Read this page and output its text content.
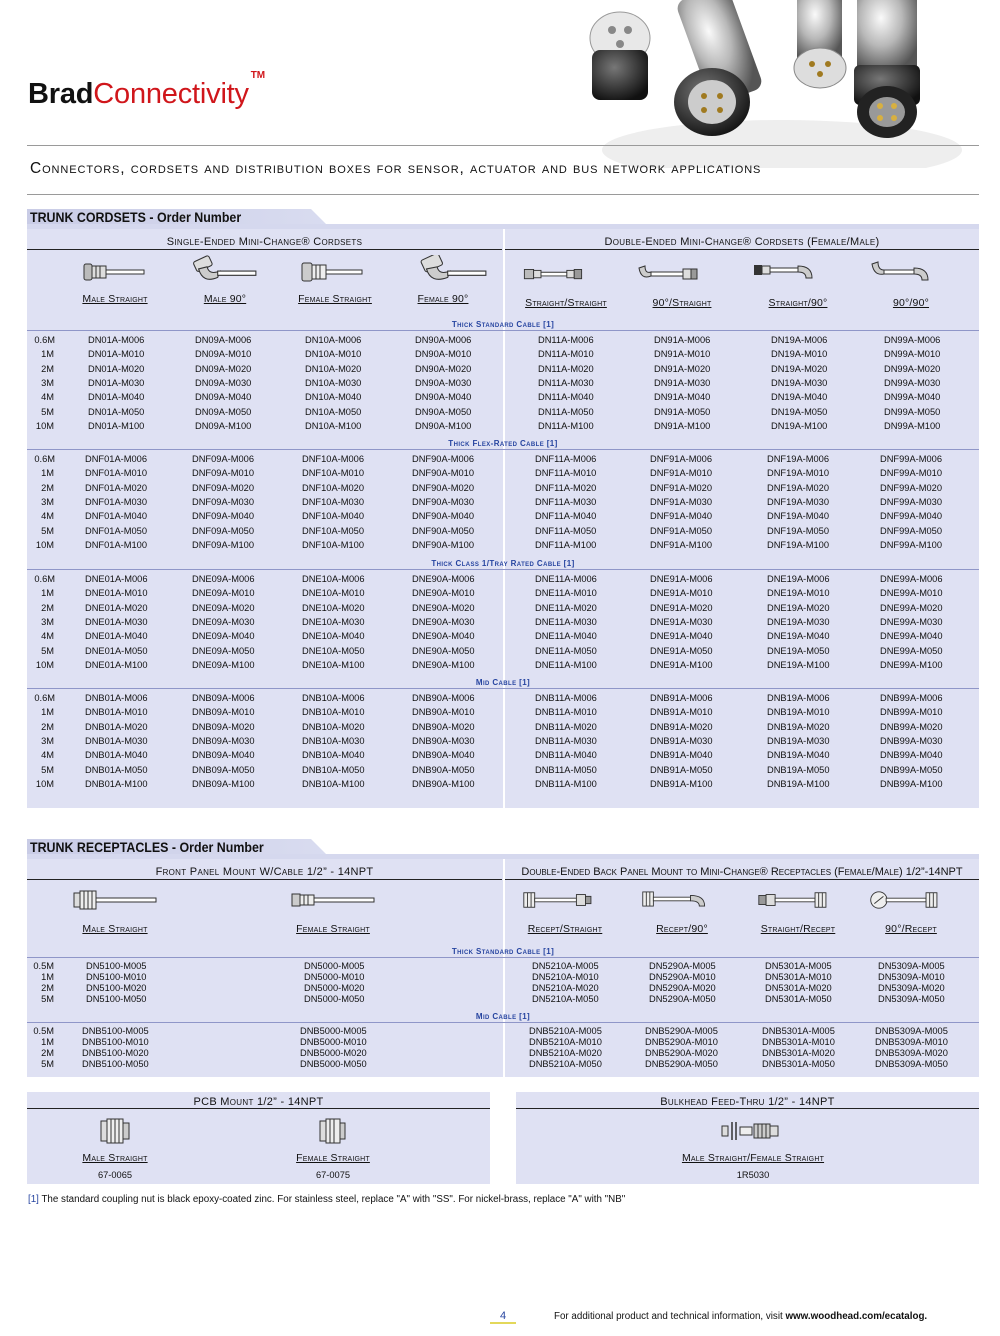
BradConnectivity
TM
Connectors, cordsets and distribution boxes for sensor, actuator and bus network applications
TRUNK CORDSETS - Order Number
Single-Ended Mini-Change® Cordsets	Double-Ended Mini-Change® Cordsets (Female/Male)
Male Straight	Male 90°	Female Straight	Female 90°	Straight/Straight	90°/Straight	Straight/90°	90°/90°
Thick Standard Cable [1]
0.6M	DN01A-M006	DN09A-M006	DN10A-M006	DN90A-M006	DN11A-M006	DN91A-M006	DN19A-M006	DN99A-M006
1M	DN01A-M010	DN09A-M010	DN10A-M010	DN90A-M010	DN11A-M010	DN91A-M010	DN19A-M010	DN99A-M010
2M	DN01A-M020	DN09A-M020	DN10A-M020	DN90A-M020	DN11A-M020	DN91A-M020	DN19A-M020	DN99A-M020
3M	DN01A-M030	DN09A-M030	DN10A-M030	DN90A-M030	DN11A-M030	DN91A-M030	DN19A-M030	DN99A-M030
4M	DN01A-M040	DN09A-M040	DN10A-M040	DN90A-M040	DN11A-M040	DN91A-M040	DN19A-M040	DN99A-M040
5M	DN01A-M050	DN09A-M050	DN10A-M050	DN90A-M050	DN11A-M050	DN91A-M050	DN19A-M050	DN99A-M050
10M	DN01A-M100	DN09A-M100	DN10A-M100	DN90A-M100	DN11A-M100	DN91A-M100	DN19A-M100	DN99A-M100
Thick Flex-Rated Cable [1]
0.6M	DNF01A-M006	DNF09A-M006	DNF10A-M006	DNF90A-M006	DNF11A-M006	DNF91A-M006	DNF19A-M006	DNF99A-M006
1M	DNF01A-M010	DNF09A-M010	DNF10A-M010	DNF90A-M010	DNF11A-M010	DNF91A-M010	DNF19A-M010	DNF99A-M010
2M	DNF01A-M020	DNF09A-M020	DNF10A-M020	DNF90A-M020	DNF11A-M020	DNF91A-M020	DNF19A-M020	DNF99A-M020
3M	DNF01A-M030	DNF09A-M030	DNF10A-M030	DNF90A-M030	DNF11A-M030	DNF91A-M030	DNF19A-M030	DNF99A-M030
4M	DNF01A-M040	DNF09A-M040	DNF10A-M040	DNF90A-M040	DNF11A-M040	DNF91A-M040	DNF19A-M040	DNF99A-M040
5M	DNF01A-M050	DNF09A-M050	DNF10A-M050	DNF90A-M050	DNF11A-M050	DNF91A-M050	DNF19A-M050	DNF99A-M050
10M	DNF01A-M100	DNF09A-M100	DNF10A-M100	DNF90A-M100	DNF11A-M100	DNF91A-M100	DNF19A-M100	DNF99A-M100
Thick Class 1/Tray Rated Cable [1]
0.6M	DNE01A-M006	DNE09A-M006	DNE10A-M006	DNE90A-M006	DNE11A-M006	DNE91A-M006	DNE19A-M006	DNE99A-M006
1M	DNE01A-M010	DNE09A-M010	DNE10A-M010	DNE90A-M010	DNE11A-M010	DNE91A-M010	DNE19A-M010	DNE99A-M010
2M	DNE01A-M020	DNE09A-M020	DNE10A-M020	DNE90A-M020	DNE11A-M020	DNE91A-M020	DNE19A-M020	DNE99A-M020
3M	DNE01A-M030	DNE09A-M030	DNE10A-M030	DNE90A-M030	DNE11A-M030	DNE91A-M030	DNE19A-M030	DNE99A-M030
4M	DNE01A-M040	DNE09A-M040	DNE10A-M040	DNE90A-M040	DNE11A-M040	DNE91A-M040	DNE19A-M040	DNE99A-M040
5M	DNE01A-M050	DNE09A-M050	DNE10A-M050	DNE90A-M050	DNE11A-M050	DNE91A-M050	DNE19A-M050	DNE99A-M050
10M	DNE01A-M100	DNE09A-M100	DNE10A-M100	DNE90A-M100	DNE11A-M100	DNE91A-M100	DNE19A-M100	DNE99A-M100
Mid Cable [1]
0.6M	DNB01A-M006	DNB09A-M006	DNB10A-M006	DNB90A-M006	DNB11A-M006	DNB91A-M006	DNB19A-M006	DNB99A-M006
1M	DNB01A-M010	DNB09A-M010	DNB10A-M010	DNB90A-M010	DNB11A-M010	DNB91A-M010	DNB19A-M010	DNB99A-M010
2M	DNB01A-M020	DNB09A-M020	DNB10A-M020	DNB90A-M020	DNB11A-M020	DNB91A-M020	DNB19A-M020	DNB99A-M020
3M	DNB01A-M030	DNB09A-M030	DNB10A-M030	DNB90A-M030	DNB11A-M030	DNB91A-M030	DNB19A-M030	DNB99A-M030
4M	DNB01A-M040	DNB09A-M040	DNB10A-M040	DNB90A-M040	DNB11A-M040	DNB91A-M040	DNB19A-M040	DNB99A-M040
5M	DNB01A-M050	DNB09A-M050	DNB10A-M050	DNB90A-M050	DNB11A-M050	DNB91A-M050	DNB19A-M050	DNB99A-M050
10M	DNB01A-M100	DNB09A-M100	DNB10A-M100	DNB90A-M100	DNB11A-M100	DNB91A-M100	DNB19A-M100	DNB99A-M100
TRUNK RECEPTACLES - Order Number
Front Panel Mount W/Cable 1/2” - 14NPT	Double-Ended Back Panel Mount to Mini-Change® Receptacles (Female/Male) 1/2”-14NPT
Male Straight	Female Straight	Recept/Straight	Recept/90°	Straight/Recept	90°/Recept
Thick Standard Cable [1]
0.5M	DN5100-M005	DN5000-M005	DN5210A-M005	DN5290A-M005	DN5301A-M005	DN5309A-M005
1M	DN5100-M010	DN5000-M010	DN5210A-M010	DN5290A-M010	DN5301A-M010	DN5309A-M010
2M	DN5100-M020	DN5000-M020	DN5210A-M020	DN5290A-M020	DN5301A-M020	DN5309A-M020
5M	DN5100-M050	DN5000-M050	DN5210A-M050	DN5290A-M050	DN5301A-M050	DN5309A-M050
Mid Cable [1]
0.5M	DNB5100-M005	DNB5000-M005	DNB5210A-M005	DNB5290A-M005	DNB5301A-M005	DNB5309A-M005
1M	DNB5100-M010	DNB5000-M010	DNB5210A-M010	DNB5290A-M010	DNB5301A-M010	DNB5309A-M010
2M	DNB5100-M020	DNB5000-M020	DNB5210A-M020	DNB5290A-M020	DNB5301A-M020	DNB5309A-M020
5M	DNB5100-M050	DNB5000-M050	DNB5210A-M050	DNB5290A-M050	DNB5301A-M050	DNB5309A-M050
PCB Mount 1/2” - 14NPT
Male Straight	Female Straight
67-0065	67-0075
Bulkhead Feed-Thru 1/2” - 14NPT
Male Straight/Female Straight
1R5030
[1] The standard coupling nut is black epoxy-coated zinc. For stainless steel, replace "A" with "SS". For nickel-brass, replace "A" with "NB"
4	For additional product and technical information, visit www.woodhead.com/ecatalog.
